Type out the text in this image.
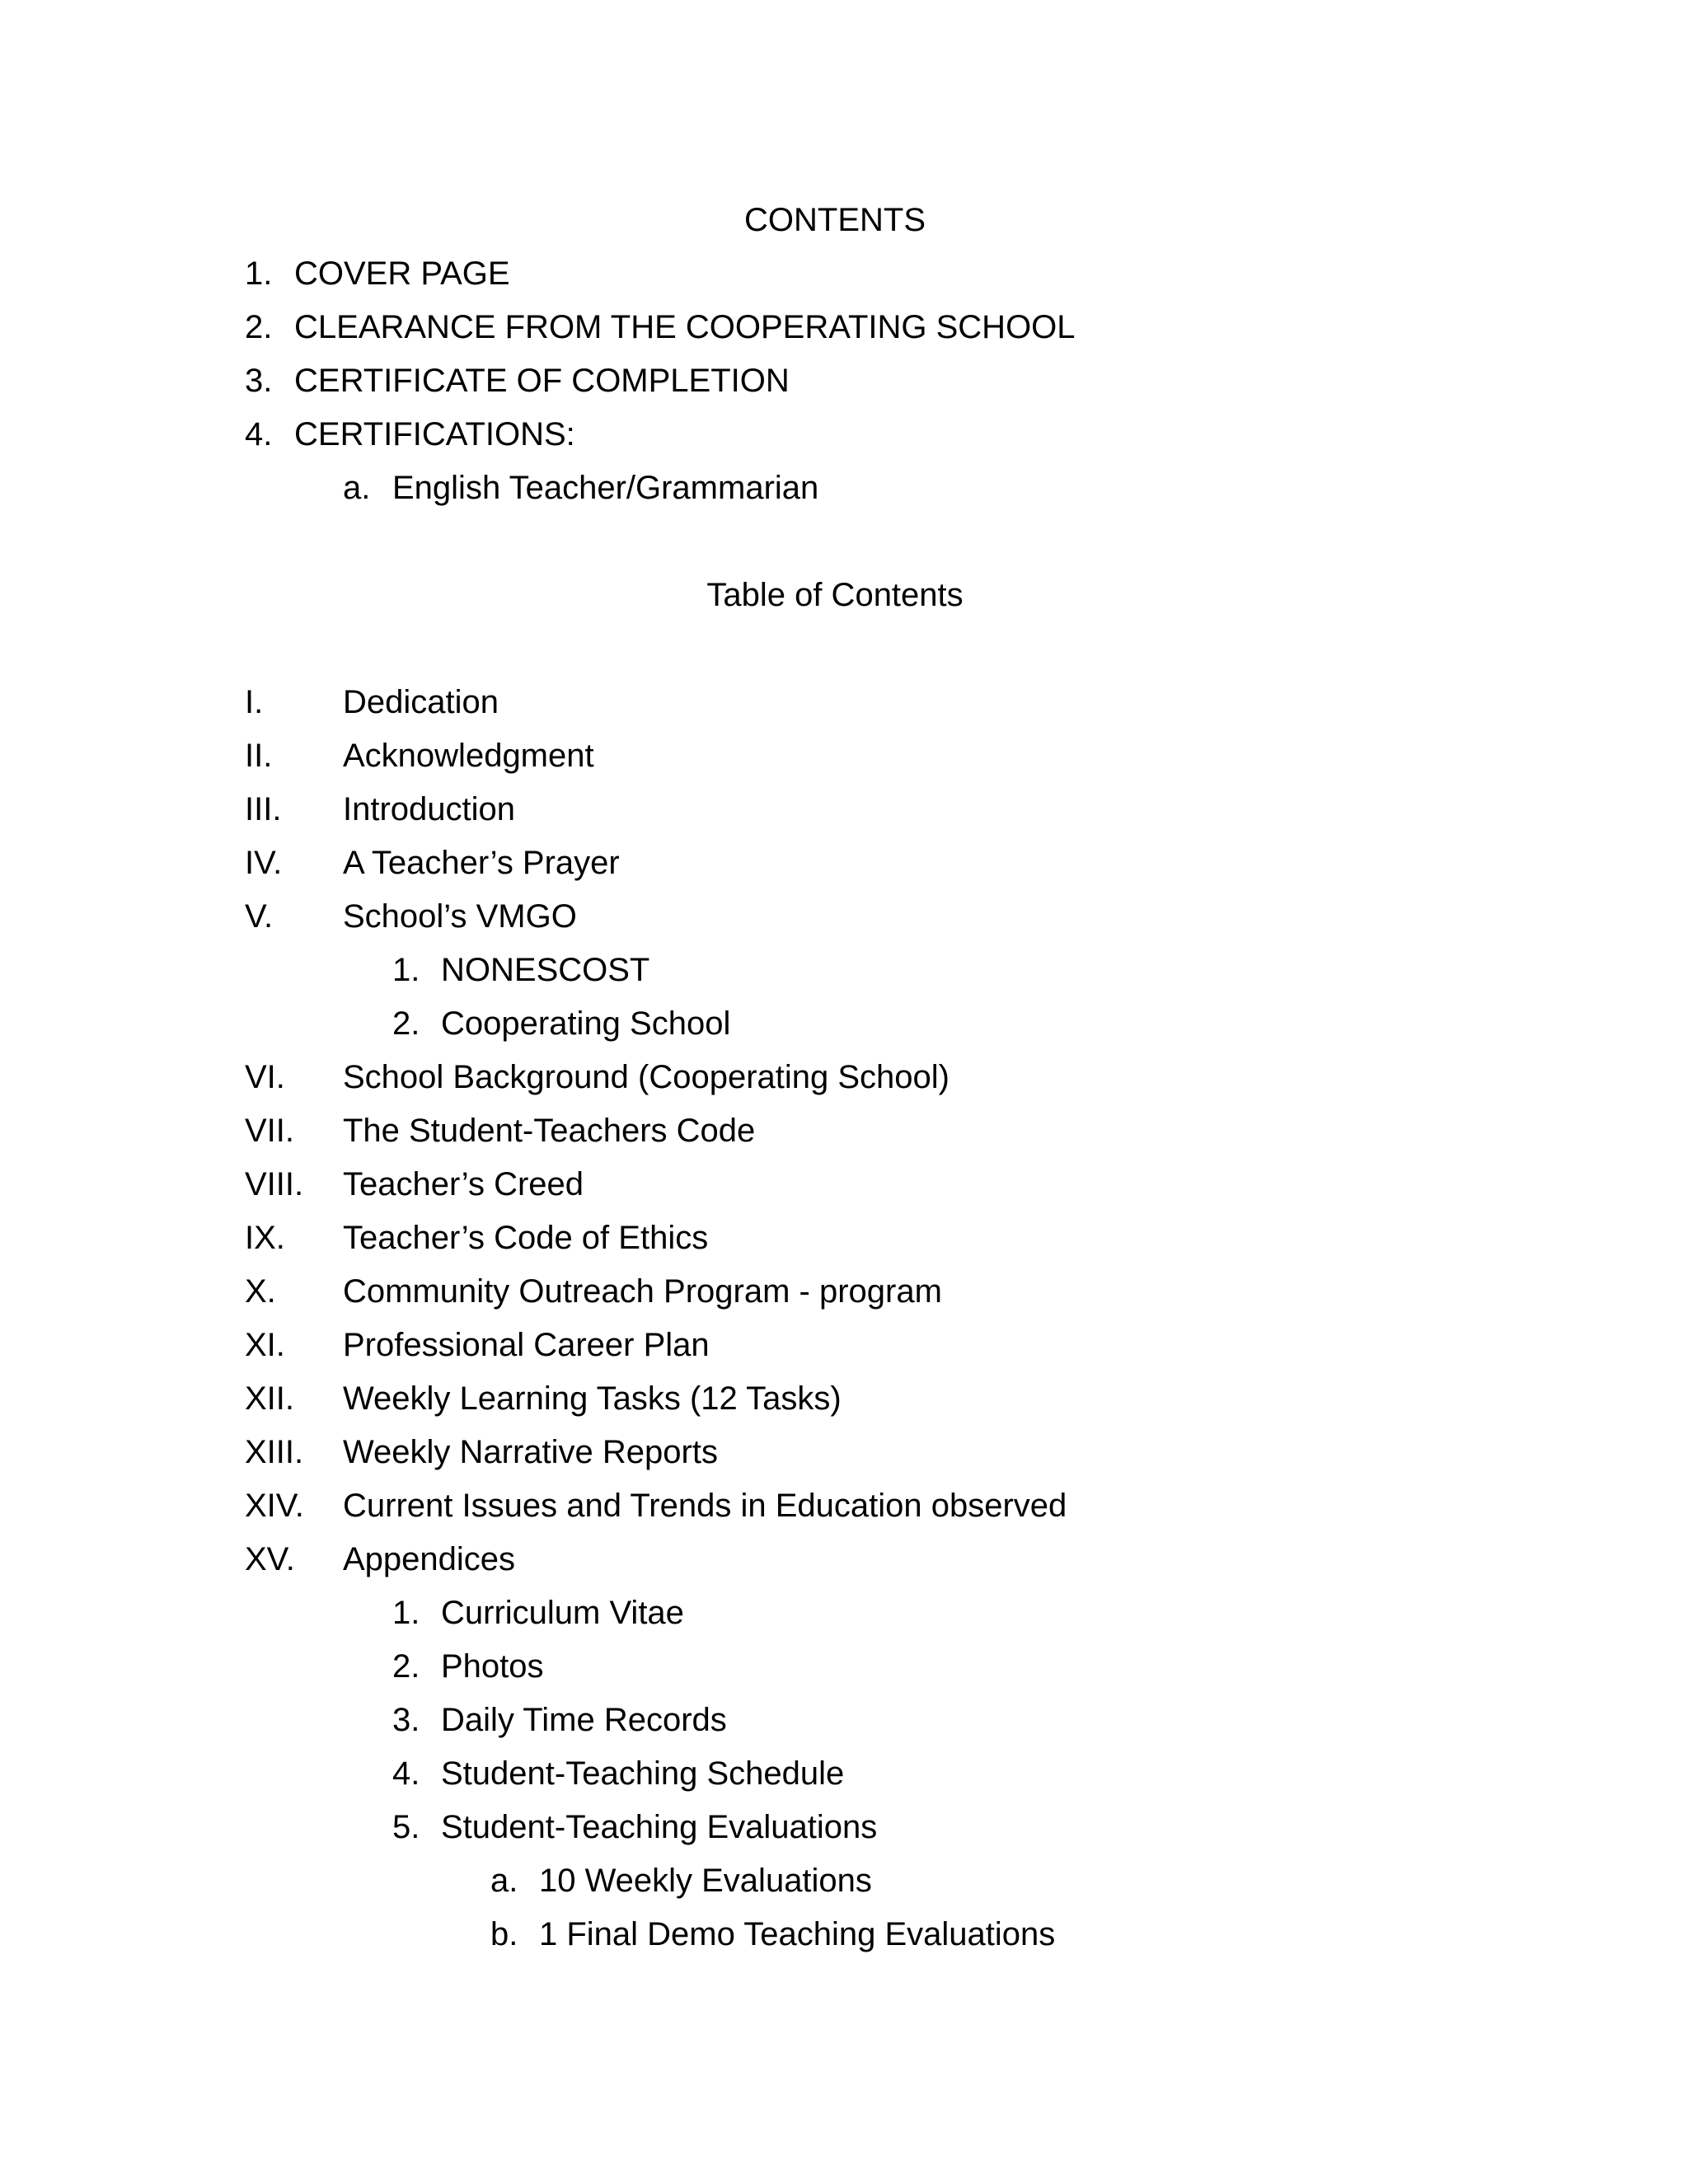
CONTENTS
1. COVER PAGE
2. CLEARANCE FROM THE COOPERATING SCHOOL
3. CERTIFICATE OF COMPLETION
4. CERTIFICATIONS:
a. English Teacher/Grammarian
Table of Contents
I. Dedication
II. Acknowledgment
III. Introduction
IV. A Teacher’s Prayer
V. School’s VMGO
1. NONESCOST
2. Cooperating School
VI. School Background (Cooperating School)
VII. The Student-Teachers Code
VIII. Teacher’s Creed
IX. Teacher’s Code of Ethics
X. Community Outreach Program - program
XI. Professional Career Plan
XII. Weekly Learning Tasks (12 Tasks)
XIII. Weekly Narrative Reports
XIV. Current Issues and Trends in Education observed
XV. Appendices
1. Curriculum Vitae
2. Photos
3. Daily Time Records
4. Student-Teaching Schedule
5. Student-Teaching Evaluations
a. 10 Weekly Evaluations
b. 1 Final Demo Teaching Evaluations
